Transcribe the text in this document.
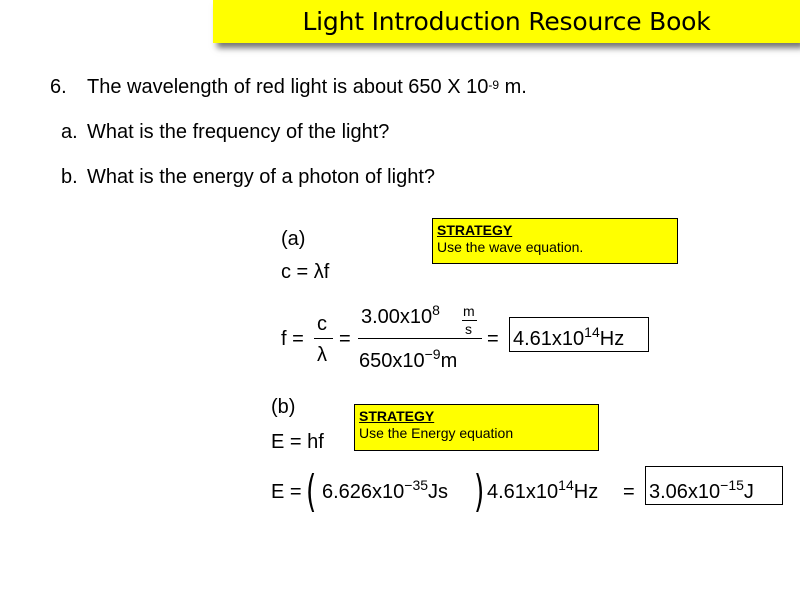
Light Introduction Resource Book
6. The wavelength of red light is about 650 X $10^{-9}$ m.
a. What is the frequency of the light?
b. What is the energy of a photon of light?
(a)	STRATEGY
Use the wave equation.
c = λf
f =
c
λ
=
$3.00x10^8$ m
s
$650x10^{-9}m$
= $4.61x10^{14}Hz$
(b)	STRATEGY
Use the Energy equation
E = hf
E = ( $6.626x10^{-35}Js$ ) $4.61x10^{14}Hz = 3.06x10^{-15}J$
